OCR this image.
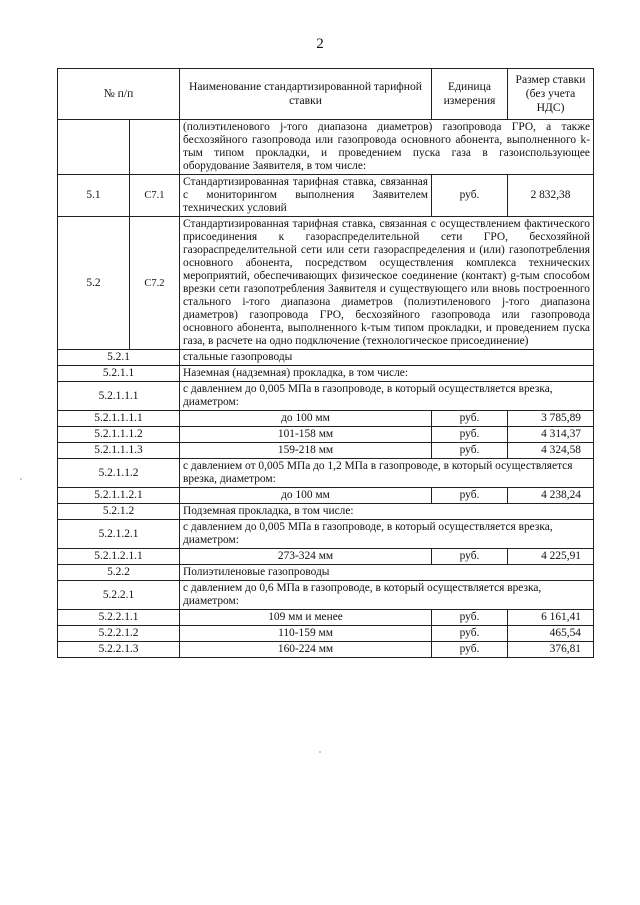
2
№ п/п		Наименование стандартизированной тарифной ставки	Единица измерения	Размер ставки (без учета НДС)
		(полиэтиленового j-того диапазона диаметров) газопровода ГРО, а также бесхозяйного газопровода или газопровода основного абонента, выполненного k-тым типом прокладки, и проведением пуска газа в газоиспользующее оборудование Заявителя, в том числе:		
5.1	C7.1	Стандартизированная тарифная ставка, связанная с мониторингом выполнения Заявителем технических условий	руб.	2 832,38
5.2	C7.2	Стандартизированная тарифная ставка, связанная с осуществлением фактического присоединения к газораспределительной сети ГРО, бесхозяйной газораспределительной сети или сети газораспределения и (или) газопотребления основного абонента, посредством осуществления комплекса технических мероприятий, обеспечивающих физическое соединение (контакт) g-тым способом врезки сети газопотребления Заявителя и существующего или вновь построенного стального i-того диапазона диаметров (полиэтиленового j-того диапазона диаметров) газопровода ГРО, бесхозяйного газопровода или газопровода основного абонента, выполненного k-тым типом прокладки, и проведением пуска газа, в расчете на одно подключение (технологическое присоединение)		
5.2.1		стальные газопроводы		
5.2.1.1		Наземная (надземная) прокладка, в том числе:		
5.2.1.1.1		с давлением до 0,005 МПа в газопроводе, в который осуществляется врезка, диаметром:		
5.2.1.1.1.1		до 100 мм	руб.	3 785,89
5.2.1.1.1.2		101-158 мм	руб.	4 314,37
5.2.1.1.1.3		159-218 мм	руб.	4 324,58
5.2.1.1.2		с давлением от 0,005 МПа до 1,2 МПа в газопроводе, в который осуществляется врезка, диаметром:		
5.2.1.1.2.1		до 100 мм	руб.	4 238,24
5.2.1.2		Подземная прокладка, в том числе:		
5.2.1.2.1		с давлением до 0,005 МПа в газопроводе, в который осуществляется врезка, диаметром:		
5.2.1.2.1.1		273-324 мм	руб.	4 225,91
5.2.2		Полиэтиленовые газопроводы		
5.2.2.1		с давлением до 0,6 МПа в газопроводе, в который осуществляется врезка, диаметром:		
5.2.2.1.1		109 мм и менее	руб.	6 161,41
5.2.2.1.2		110-159 мм	руб.	465,54
5.2.2.1.3		160-224 мм	руб.	376,81
